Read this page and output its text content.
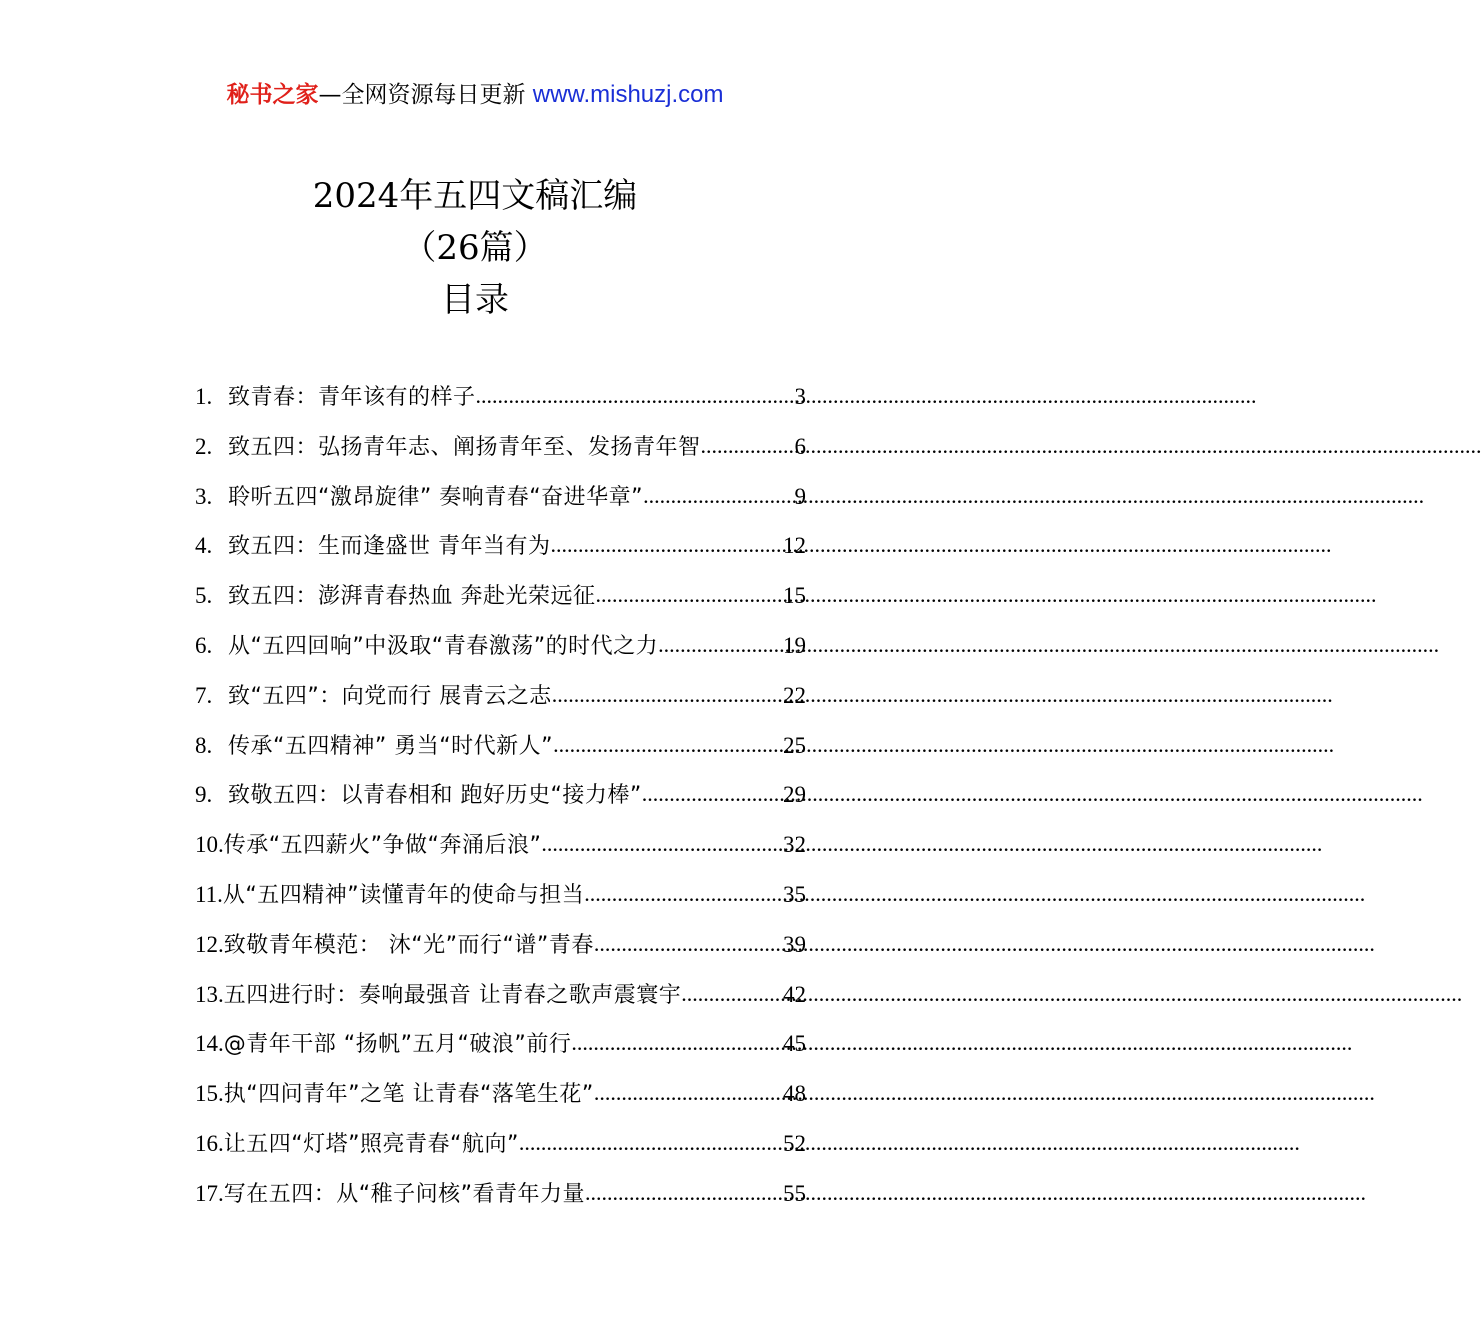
秘书之家—全网资源每日更新 www.mishuzj.com
2024年五四文稿汇编
（26篇）
目录
1. 致青春：青年该有的样子 .....	3
2. 致五四：弘扬青年志、阐扬青年至、发扬青年智 .....	6
3. 聆听五四“激昂旋律” 奏响青春“奋进华章” .....	9
4. 致五四：生而逢盛世 青年当有为 .....	12
5. 致五四：澎湃青春热血 奔赴光荣远征 .....	15
6. 从“五四回响”中汲取“青春激荡”的时代之力 .....	19
7. 致“五四”：向党而行 展青云之志 .....	22
8. 传承“五四精神” 勇当“时代新人” .....	25
9. 致敬五四：以青春相和 跑好历史“接力棒” .....	29
10. 传承“五四薪火”争做“奔涌后浪” .....	32
11. 从“五四精神”读懂青年的使命与担当 .....	35
12. 致敬青年模范： 沐“光”而行“谱”青春 .....	39
13. 五四进行时：奏响最强音 让青春之歌声震寰宇 .....	42
14. @青年干部 “扬帆”五月“破浪”前行 .....	45
15. 执“四问青年”之笔 让青春“落笔生花” .....	48
16. 让五四“灯塔”照亮青春“航向” .....	52
17. 写在五四：从“稚子问核”看青年力量 .....	55
